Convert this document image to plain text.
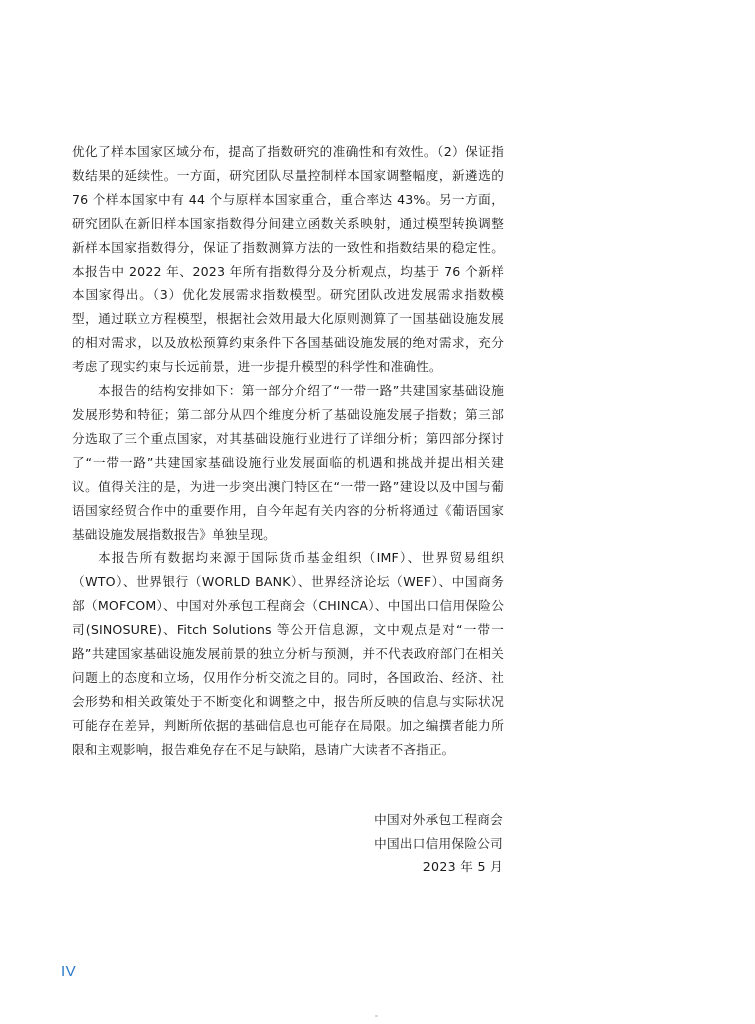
优化了样本国家区域分布，提高了指数研究的准确性和有效性。（2）保证指数结果的延续性。一方面，研究团队尽量控制样本国家调整幅度，新遴选的 76 个样本国家中有 44 个与原样本国家重合，重合率达 43%。另一方面，研究团队在新旧样本国家指数得分间建立函数关系映射，通过模型转换调整新样本国家指数得分，保证了指数测算方法的一致性和指数结果的稳定性。本报告中 2022 年、2023 年所有指数得分及分析观点，均基于 76 个新样本国家得出。（3）优化发展需求指数模型。研究团队改进发展需求指数模型，通过联立方程模型，根据社会效用最大化原则测算了一国基础设施发展的相对需求，以及放松预算约束条件下各国基础设施发展的绝对需求，充分考虑了现实约束与长远前景，进一步提升模型的科学性和准确性。

本报告的结构安排如下：第一部分介绍了“一带一路”共建国家基础设施发展形势和特征；第二部分从四个维度分析了基础设施发展子指数；第三部分选取了三个重点国家，对其基础设施行业进行了详细分析；第四部分探讨了“一带一路”共建国家基础设施行业发展面临的机遇和挑战并提出相关建议。值得关注的是，为进一步突出澳门特区在“一带一路”建设以及中国与葡语国家经贸合作中的重要作用，自今年起有关内容的分析将通过《葡语国家基础设施发展指数报告》单独呈现。

本报告所有数据均来源于国际货币基金组织（IMF）、世界贸易组织（WTO）、世界银行（WORLD BANK）、世界经济论坛（WEF）、中国商务部（MOFCOM）、中国对外承包工程商会（CHINCA）、中国出口信用保险公司(SINOSURE)、Fitch Solutions 等公开信息源，文中观点是对“一带一路”共建国家基础设施发展前景的独立分析与预测，并不代表政府部门在相关问题上的态度和立场，仅用作分析交流之目的。同时，各国政治、经济、社会形势和相关政策处于不断变化和调整之中，报告所反映的信息与实际状况可能存在差异，判断所依据的基础信息也可能存在局限。加之编撰者能力所限和主观影响，报告难免存在不足与缺陷，恳请广大读者不吝指正。

中国对外承包工程商会
中国出口信用保险公司
2023 年 5 月
IV
